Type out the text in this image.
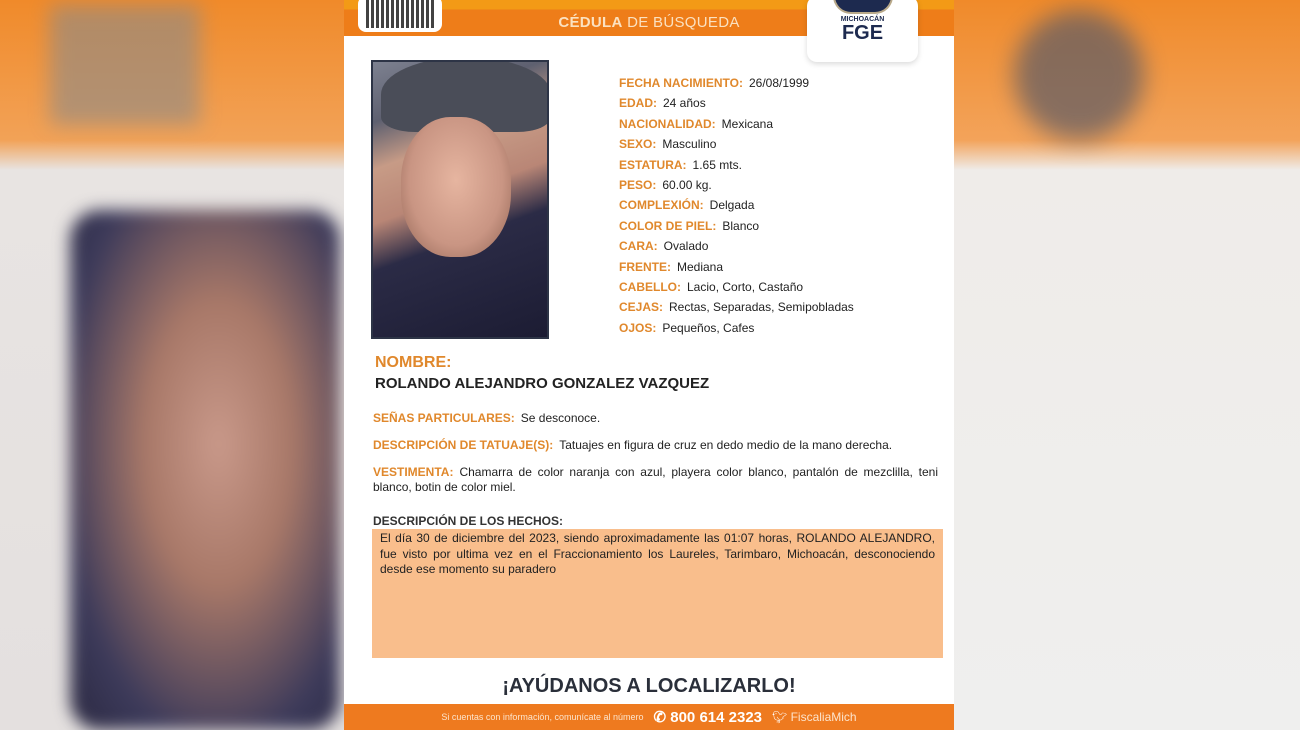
CÉDULA DE BÚSQUEDA	MICHOACÁN
FGE
FECHA NACIMIENTO: 26/08/1999
EDAD: 24 años
NACIONALIDAD: Mexicana
SEXO: Masculino
ESTATURA: 1.65 mts.
PESO: 60.00 kg.
COMPLEXIÓN: Delgada
COLOR DE PIEL: Blanco
CARA: Ovalado
FRENTE: Mediana
CABELLO: Lacio, Corto, Castaño
CEJAS: Rectas, Separadas, Semipobladas
OJOS: Pequeños, Cafes
NOMBRE:
ROLANDO ALEJANDRO GONZALEZ VAZQUEZ
SEÑAS PARTICULARES: Se desconoce.
DESCRIPCIÓN DE TATUAJE(S): Tatuajes en figura de cruz en dedo medio de la mano derecha.
VESTIMENTA: Chamarra de color naranja con azul, playera color blanco, pantalón de mezclilla, teni blanco, botin de color miel.
DESCRIPCIÓN DE LOS HECHOS:
El día 30 de diciembre del 2023, siendo aproximadamente las 01:07 horas, ROLANDO ALEJANDRO, fue visto por ultima vez en el Fraccionamiento los Laureles, Tarimbaro, Michoacán, desconociendo desde ese momento su paradero
¡AYÚDANOS A LOCALIZARLO!
Si cuentas con información, comunícate al número ✆ 800 614 2323 🐦︎ FiscaliaMich
